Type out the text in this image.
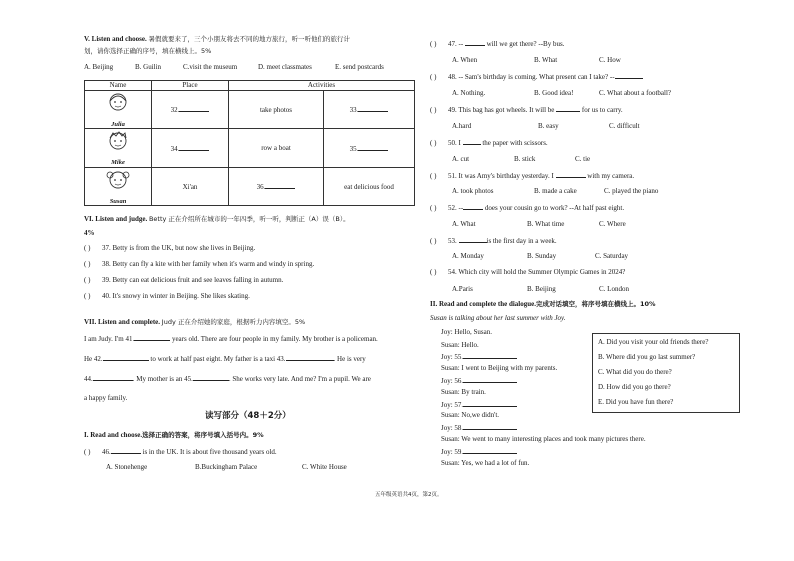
V. Listen and choose. 暑假就要来了，三个小朋友将去不同的地方旅行，听一听他们的旅行计
划，请你选择正确的序号，填在横线上。5%
A. Beijing	B. Guilin	C.visit the museum	D. meet classmates	E. send postcards
Name	Place	Activities	

Julia	32.	take photos	33.

Mike	34.	row a boat	35.

Susan	Xi'an	36.	eat delicious food
VI. Listen and judge. Betty 正在介绍所在城市的一年四季，听一听，判断正（A）误（B）。
4%
( ) 37. Betty is from the UK, but now she lives in Beijing.
( ) 38. Betty can fly a kite with her family when it's warm and windy in spring.
( ) 39. Betty can eat delicious fruit and see leaves falling in autumn.
( ) 40. It's snowy in winter in Beijing. She likes skating.
VII. Listen and complete. Judy 正在介绍她的家庭，根据听力内容填空。5%
I am Judy. I'm 41.	years old. There are four people in my family. My brother is a policeman.
He 42.	to work at half past eight. My father is a taxi 43.	. He is very
44.	. My mother is an 45.	. She works very late. And me? I'm a pupil. We are
a happy family.
读写部分（48＋2分）
I. Read and choose.选择正确的答案，将序号填入括号内。9%
( ) 46.	is in the UK. It is about five thousand years old.
A. Stonehenge	B.Buckingham Palace	C. White House
( ) 47. --	will we get there? --By bus.
A. When	B. What	C. How
( ) 48. -- Sam's birthday is coming. What present can I take? --
A. Nothing.	B. Good idea!	C. What about a football?
( ) 49. This bag has got wheels. It will be	for us to carry.
A.hard	B. easy	C. difficult
( ) 50. I	the paper with scissors.
A. cut	B. stick	C. tie
( ) 51. It was Amy's birthday yesterday. I	with my camera.
A. took photos	B. made a cake	C. played the piano
( ) 52. --	does your cousin go to work? --At half past eight.
A. What	B. What time	C. Where
( ) 53.	is the first day in a week.
A. Monday	B. Sunday	C. Saturday
( ) 54. Which city will hold the Summer Olympic Games in 2024?
A.Paris	B. Beijing	C. London
II. Read and complete the dialogue.完成对话填空，将序号填在横线上。10%
Susan is talking about her last summer with Joy.
Joy: Hello, Susan.
Susan: Hello.
Joy: 55.
Susan: I went to Beijing with my parents.
Joy: 56.
Susan: By train.
Joy: 57.
Susan: No,we didn't.
Joy: 58.
Susan: We went to many interesting places and took many pictures there.
Joy: 59.
Susan: Yes, we had a lot of fun.
A. Did you visit your old friends there?
B. Where did you go last summer?
C. What did you do there?
D. How did you go there?
E. Did you have fun there?
五年级英语共4页，第2页。
